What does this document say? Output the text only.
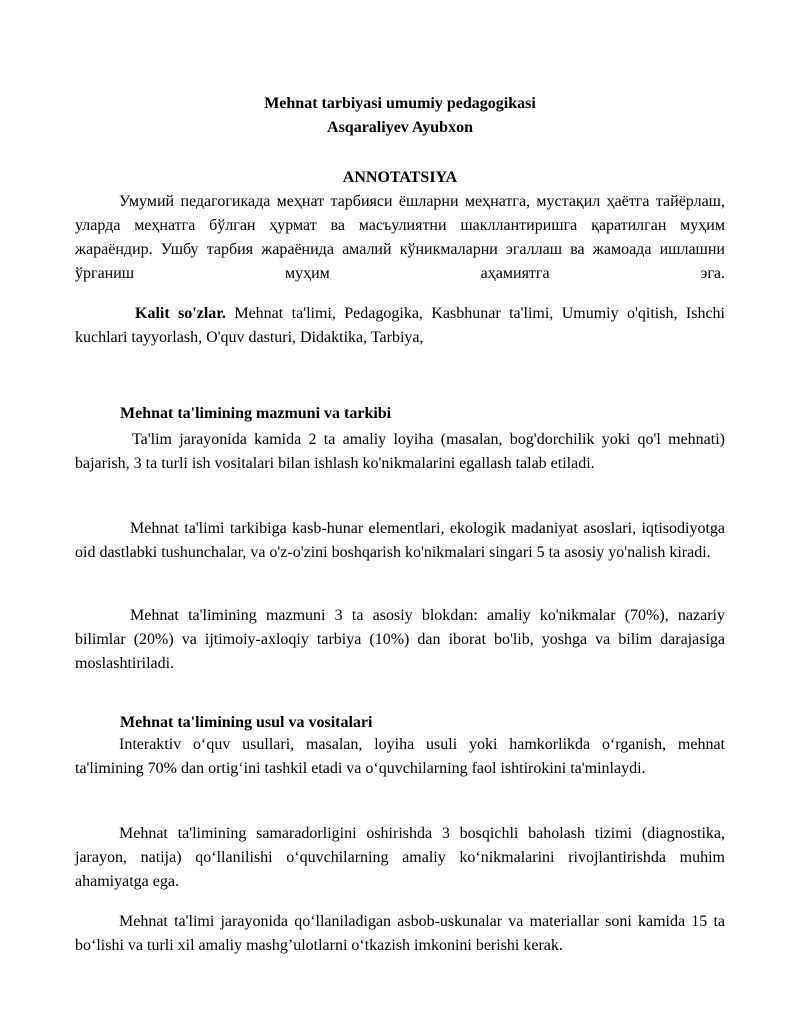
Mehnat tarbiyasi umumiy pedagogikasi
Asqaraliyev Ayubxon
ANNOTATSIYA
Умумий педагогикада меҳнат тарбияси ёшларни меҳнатга, мустақил ҳаётга тайёрлаш, уларда меҳнатга бўлган ҳурмат ва масъулиятни шакллантиришга қаратилган муҳим жараёндир. Ушбу тарбия жараёнида амалий кўникмаларни эгаллаш ва жамоада ишлашни ўрганиш муҳим аҳамиятга эга.
Kalit so'zlar. Mehnat ta'limi, Pedagogika, Kasbhunar ta'limi, Umumiy o'qitish, Ishchi kuchlari tayyorlash, O'quv dasturi, Didaktika, Tarbiya,
Mehnat ta'limining mazmuni va tarkibi
Ta'lim jarayonida kamida 2 ta amaliy loyiha (masalan, bog'dorchilik yoki qo'l mehnati) bajarish, 3 ta turli ish vositalari bilan ishlash ko'nikmalarini egallash talab etiladi.
Mehnat ta'limi tarkibiga kasb-hunar elementlari, ekologik madaniyat asoslari, iqtisodiyotga oid dastlabki tushunchalar, va o'z-o'zini boshqarish ko'nikmalari singari 5 ta asosiy yo'nalish kiradi.
Mehnat ta'limining mazmuni 3 ta asosiy blokdan: amaliy ko'nikmalar (70%), nazariy bilimlar (20%) va ijtimoiy-axloqiy tarbiya (10%) dan iborat bo'lib, yoshga va bilim darajasiga moslashtiriladi.
Mehnat ta'limining usul va vositalari
Interaktiv o‘quv usullari, masalan, loyiha usuli yoki hamkorlikda o‘rganish, mehnat ta'limining 70% dan ortig‘ini tashkil etadi va o‘quvchilarning faol ishtirokini ta'minlaydi.
Mehnat ta'limining samaradorligini oshirishda 3 bosqichli baholash tizimi (diagnostika, jarayon, natija) qo‘llanilishi o‘quvchilarning amaliy ko‘nikmalarini rivojlantirishda muhim ahamiyatga ega.
Mehnat ta'limi jarayonida qo‘llaniladigan asbob-uskunalar va materiallar soni kamida 15 ta bo‘lishi va turli xil amaliy mashg’ulotlarni o‘tkazish imkonini berishi kerak.
